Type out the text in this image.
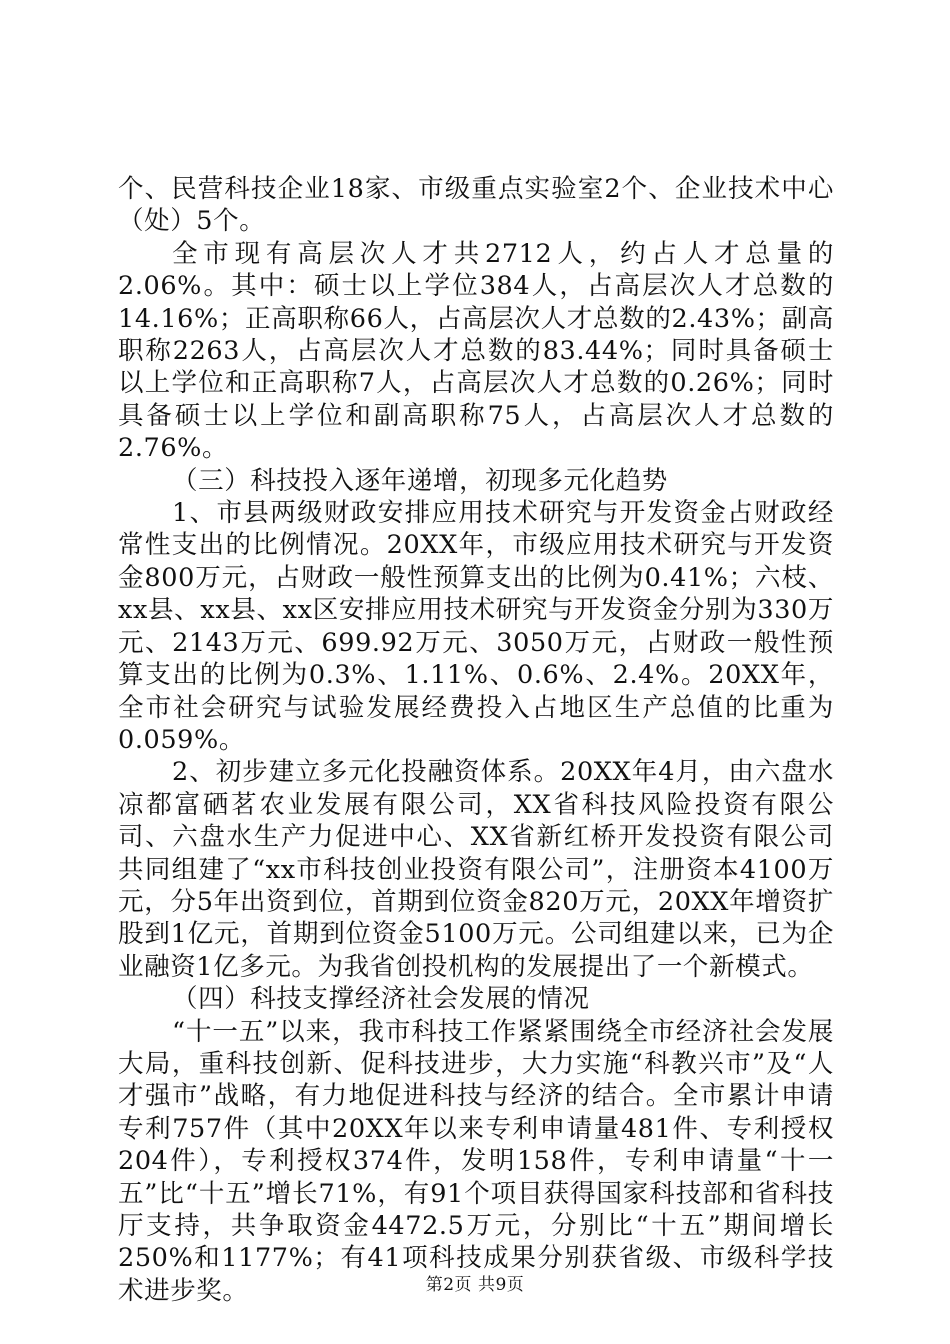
个、民营科技企业18家、市级重点实验室2个、企业技术中心（处）5个。

全市现有高层次人才共2712人，约占人才总量的2.06%。其中：硕士以上学位384人，占高层次人才总数的14.16%；正高职称66人，占高层次人才总数的2.43%；副高职称2263人，占高层次人才总数的83.44%；同时具备硕士以上学位和正高职称7人，占高层次人才总数的0.26%；同时具备硕士以上学位和副高职称75人，占高层次人才总数的2.76%。

（三）科技投入逐年递增，初现多元化趋势

1、市县两级财政安排应用技术研究与开发资金占财政经常性支出的比例情况。20XX年，市级应用技术研究与开发资金800万元，占财政一般性预算支出的比例为0.41%；六枝、xx县、xx县、xx区安排应用技术研究与开发资金分别为330万元、2143万元、699.92万元、3050万元，占财政一般性预算支出的比例为0.3%、1.11%、0.6%、2.4%。20XX年，全市社会研究与试验发展经费投入占地区生产总值的比重为0.059%。

2、初步建立多元化投融资体系。20XX年4月，由六盘水凉都富硒茗农业发展有限公司，XX省科技风险投资有限公司、六盘水生产力促进中心、XX省新红桥开发投资有限公司共同组建了“xx市科技创业投资有限公司”，注册资本4100万元，分5年出资到位，首期到位资金820万元，20XX年增资扩股到1亿元，首期到位资金5100万元。公司组建以来，已为企业融资1亿多元。为我省创投机构的发展提出了一个新模式。

（四）科技支撑经济社会发展的情况

“十一五”以来，我市科技工作紧紧围绕全市经济社会发展大局，重科技创新、促科技进步，大力实施“科教兴市”及“人才强市”战略，有力地促进科技与经济的结合。全市累计申请专利757件（其中20XX年以来专利申请量481件、专利授权204件），专利授权374件，发明158件，专利申请量“十一五”比“十五”增长71%，有91个项目获得国家科技部和省科技厅支持，共争取资金4472.5万元，分别比“十五”期间增长250%和1177%；有41项科技成果分别获省级、市级科学技术进步奖。	第2页 共9页
